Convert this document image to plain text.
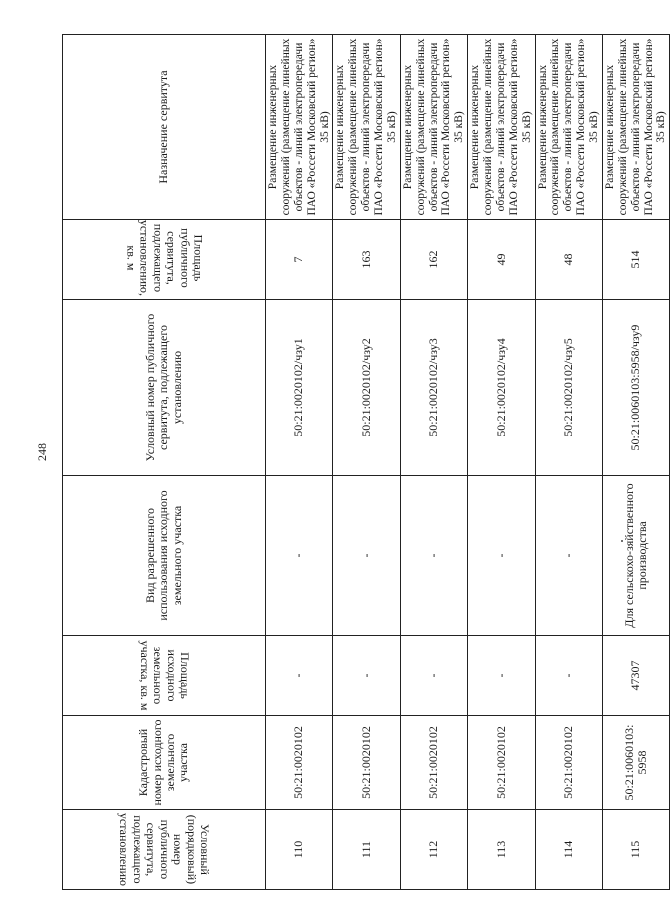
248
Условный (порядковый) номер публичного сервитута, подлежащего установлению	Кадастровый номер исходного земельного участка	Площадь исходного земельного участка, кв. м	Вид разрешенного использования исходного земельного участка	Условный номер публичного сервитута, подлежащего установлению	Площадь публичного сервитута, подлежащего установлению, кв. м	Назначение сервитута
110	50:21:0020102	-	-	50:21:0020102/чзу1	7	Размещение инженерных сооружений (размещение линейных объектов - линий электропередачи ПАО «Россети Московский регион» 35 кВ)
111	50:21:0020102	-	-	50:21:0020102/чзу2	163	Размещение инженерных сооружений (размещение линейных объектов - линий электропередачи ПАО «Россети Московский регион» 35 кВ)
112	50:21:0020102	-	-	50:21:0020102/чзу3	162	Размещение инженерных сооружений (размещение линейных объектов - линий электропередачи ПАО «Россети Московский регион» 35 кВ)
113	50:21:0020102	-	-	50:21:0020102/чзу4	49	Размещение инженерных сооружений (размещение линейных объектов - линий электропередачи ПАО «Россети Московский регион» 35 кВ)
114	50:21:0020102	-	-	50:21:0020102/чзу5	48	Размещение инженерных сооружений (размещение линейных объектов - линий электропередачи ПАО «Россети Московский регион» 35 кВ)
115	50:21:0060103: 5958	47307	Для сельскохо-зяйственного производства	50:21:0060103:5958/чзу9	514	Размещение инженерных сооружений (размещение линейных объектов - линий электропередачи ПАО «Россети Московский регион» 35 кВ)
